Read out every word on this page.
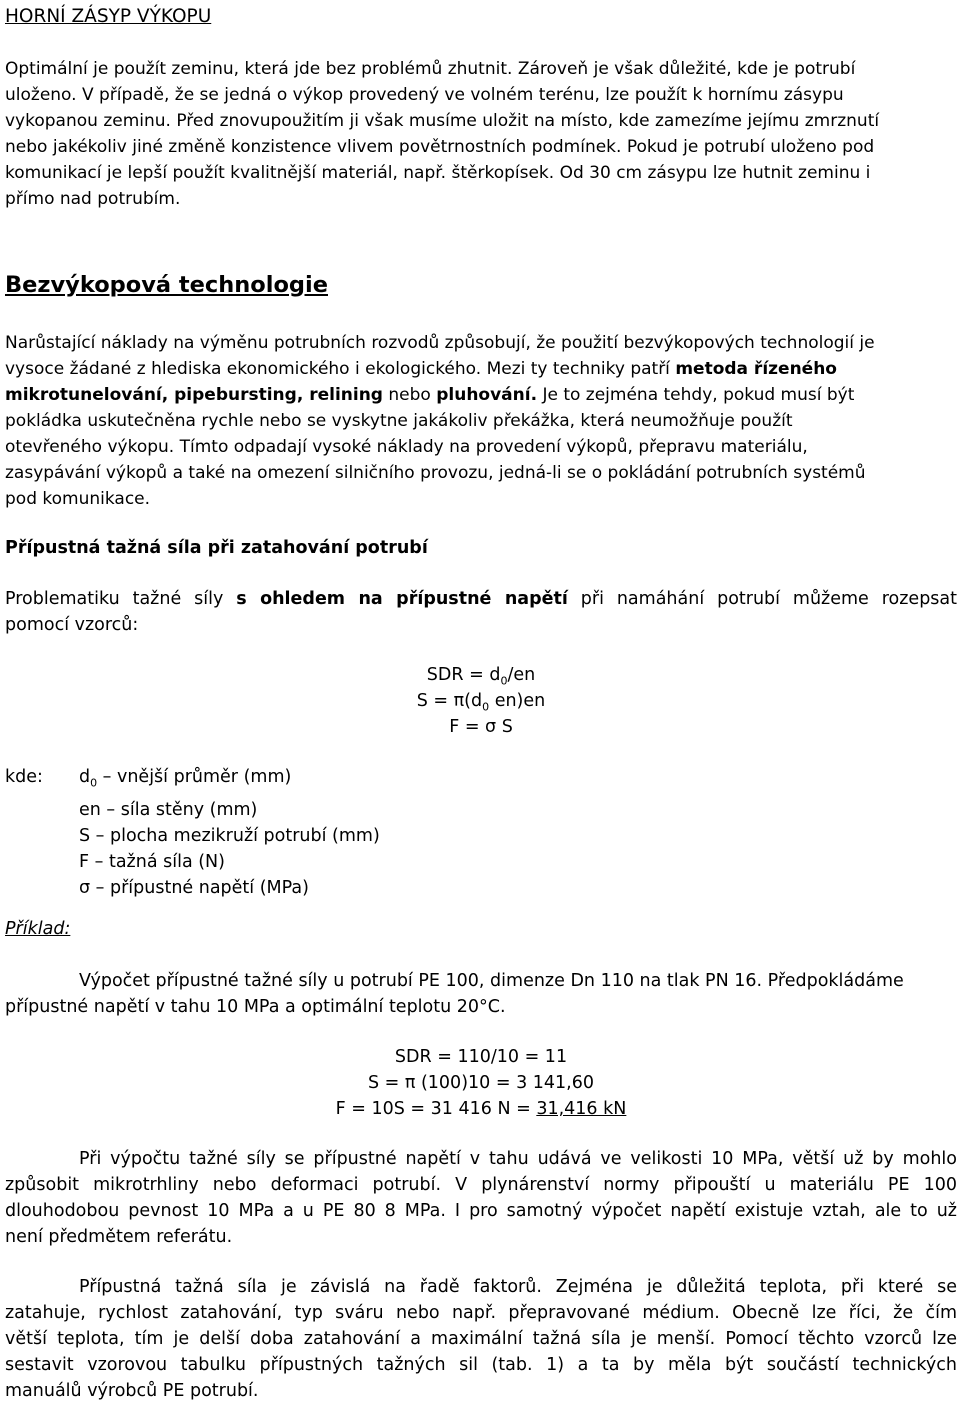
HORNÍ ZÁSYP VÝKOPU
Optimální je použít zeminu, která jde bez problémů zhutnit. Zároveň je však důležité, kde je potrubí
uloženo. V případě, že se jedná o výkop provedený ve volném terénu, lze použít k hornímu zásypu
vykopanou zeminu. Před znovupoužitím ji však musíme uložit na místo, kde zamezíme jejímu zmrznutí
nebo jakékoliv jiné změně konzistence vlivem povětrnostních podmínek. Pokud je potrubí uloženo pod
komunikací je lepší použít kvalitnější materiál, např. štěrkopísek. Od 30 cm zásypu lze hutnit zeminu i
přímo nad potrubím.
Bezvýkopová technologie
Narůstající náklady na výměnu potrubních rozvodů způsobují, že použití bezvýkopových technologií je
vysoce žádané z hlediska ekonomického i ekologického. Mezi ty techniky patří metoda řízeného
mikrotunelování, pipebursting, relining nebo pluhování. Je to zejména tehdy, pokud musí být
pokládka uskutečněna rychle nebo se vyskytne jakákoliv překážka, která neumožňuje použít
otevřeného výkopu. Tímto odpadají vysoké náklady na provedení výkopů, přepravu materiálu,
zasypávání výkopů a také na omezení silničního provozu, jedná-li se o pokládání potrubních systémů
pod komunikace.
Přípustná tažná síla při zatahování potrubí
Problematiku tažné síly s ohledem na přípustné napětí při namáhání potrubí můžeme rozepsat
pomocí vzorců:
SDR = $d_0/en$
$S = \pi(d_0$ en)en
F = σ S
kde: $d_0$ – vnější průměr (mm)
en – síla stěny (mm)
S – plocha mezikruží potrubí (mm)
F – tažná síla (N)
σ – přípustné napětí (MPa)
Příklad:
Výpočet přípustné tažné síly u potrubí PE 100, dimenze Dn 110 na tlak PN 16. Předpokládáme
přípustné napětí v tahu 10 MPa a optimální teplotu 20°C.
SDR = 110/10 = 11
S = π (100)10 = 3 141,60
F = 10S = 31 416 N = 31,416 kN
Při výpočtu tažné síly se přípustné napětí v tahu udává ve velikosti 10 MPa, větší už by mohlo
způsobit mikrotrhliny nebo deformaci potrubí. V plynárenství normy připouští u materiálu PE 100
dlouhodobou pevnost 10 MPa a u PE 80 8 MPa. I pro samotný výpočet napětí existuje vztah, ale to už
není předmětem referátu.
Přípustná tažná síla je závislá na řadě faktorů. Zejména je důležitá teplota, při které se
zatahuje, rychlost zatahování, typ sváru nebo např. přepravované médium. Obecně lze říci, že čím
větší teplota, tím je delší doba zatahování a maximální tažná síla je menší. Pomocí těchto vzorců lze
sestavit vzorovou tabulku přípustných tažných sil (tab. 1) a ta by měla být součástí technických
manuálů výrobců PE potrubí.
